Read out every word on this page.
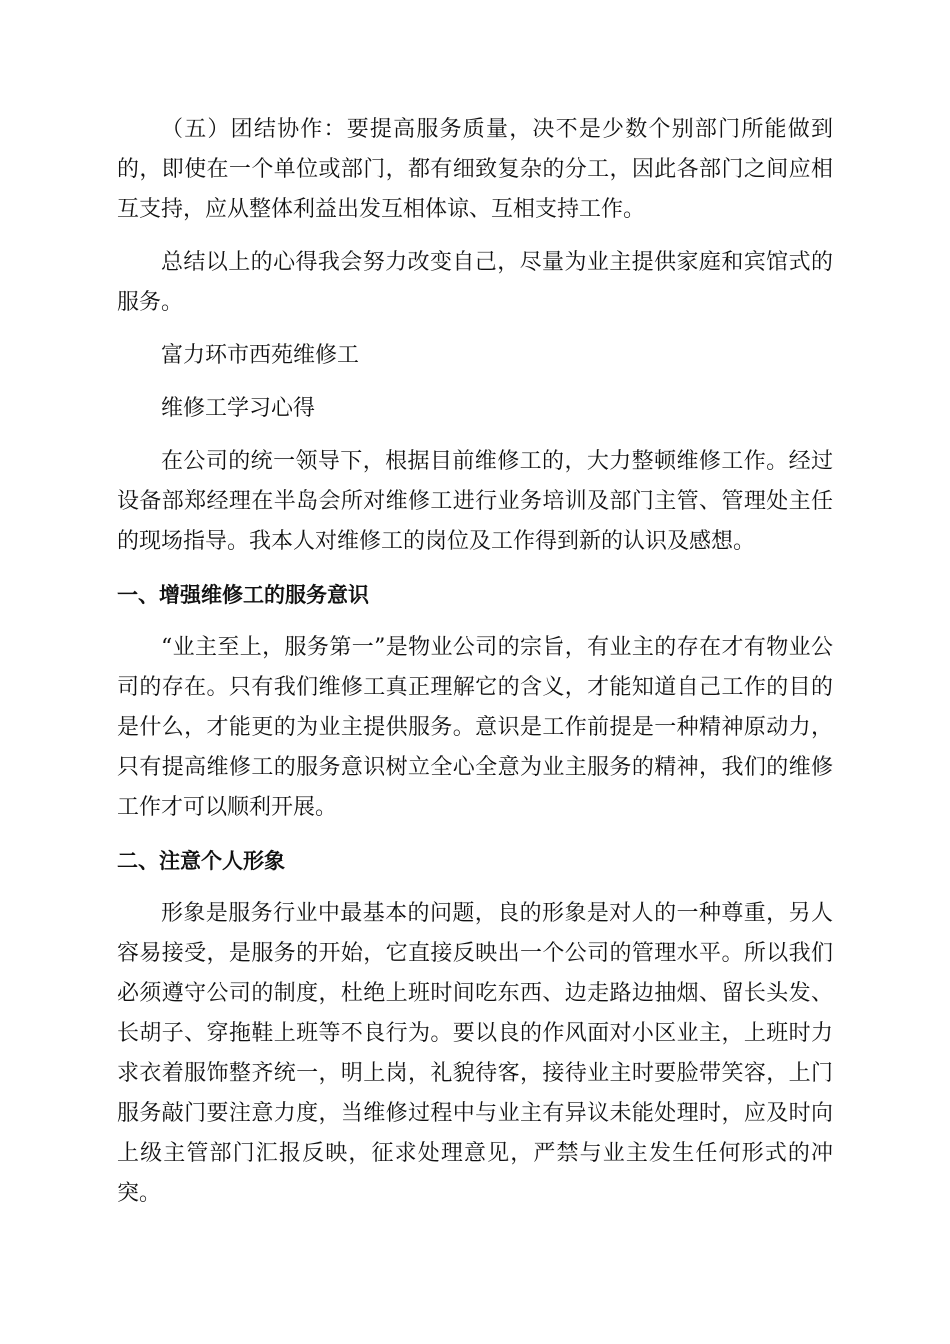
（五）团结协作：要提高服务质量，决不是少数个别部门所能做到的，即使在一个单位或部门，都有细致复杂的分工，因此各部门之间应相互支持，应从整体利益出发互相体谅、互相支持工作。

总结以上的心得我会努力改变自己，尽量为业主提供家庭和宾馆式的服务。

富力环市西苑维修工

维修工学习心得

在公司的统一领导下，根据目前维修工的，大力整顿维修工作。经过设备部郑经理在半岛会所对维修工进行业务培训及部门主管、管理处主任的现场指导。我本人对维修工的岗位及工作得到新的认识及感想。

一、增强维修工的服务意识

“业主至上，服务第一”是物业公司的宗旨，有业主的存在才有物业公司的存在。只有我们维修工真正理解它的含义，才能知道自己工作的目的是什么，才能更的为业主提供服务。意识是工作前提是一种精神原动力，只有提高维修工的服务意识树立全心全意为业主服务的精神，我们的维修工作才可以顺利开展。

二、注意个人形象

形象是服务行业中最基本的问题，良的形象是对人的一种尊重，另人容易接受，是服务的开始，它直接反映出一个公司的管理水平。所以我们必须遵守公司的制度，杜绝上班时间吃东西、边走路边抽烟、留长头发、长胡子、穿拖鞋上班等不良行为。要以良的作风面对小区业主，上班时力求衣着服饰整齐统一，明上岗，礼貌待客，接待业主时要脸带笑容，上门服务敲门要注意力度，当维修过程中与业主有异议未能处理时，应及时向上级主管部门汇报反映，征求处理意见，严禁与业主发生任何形式的冲突。
